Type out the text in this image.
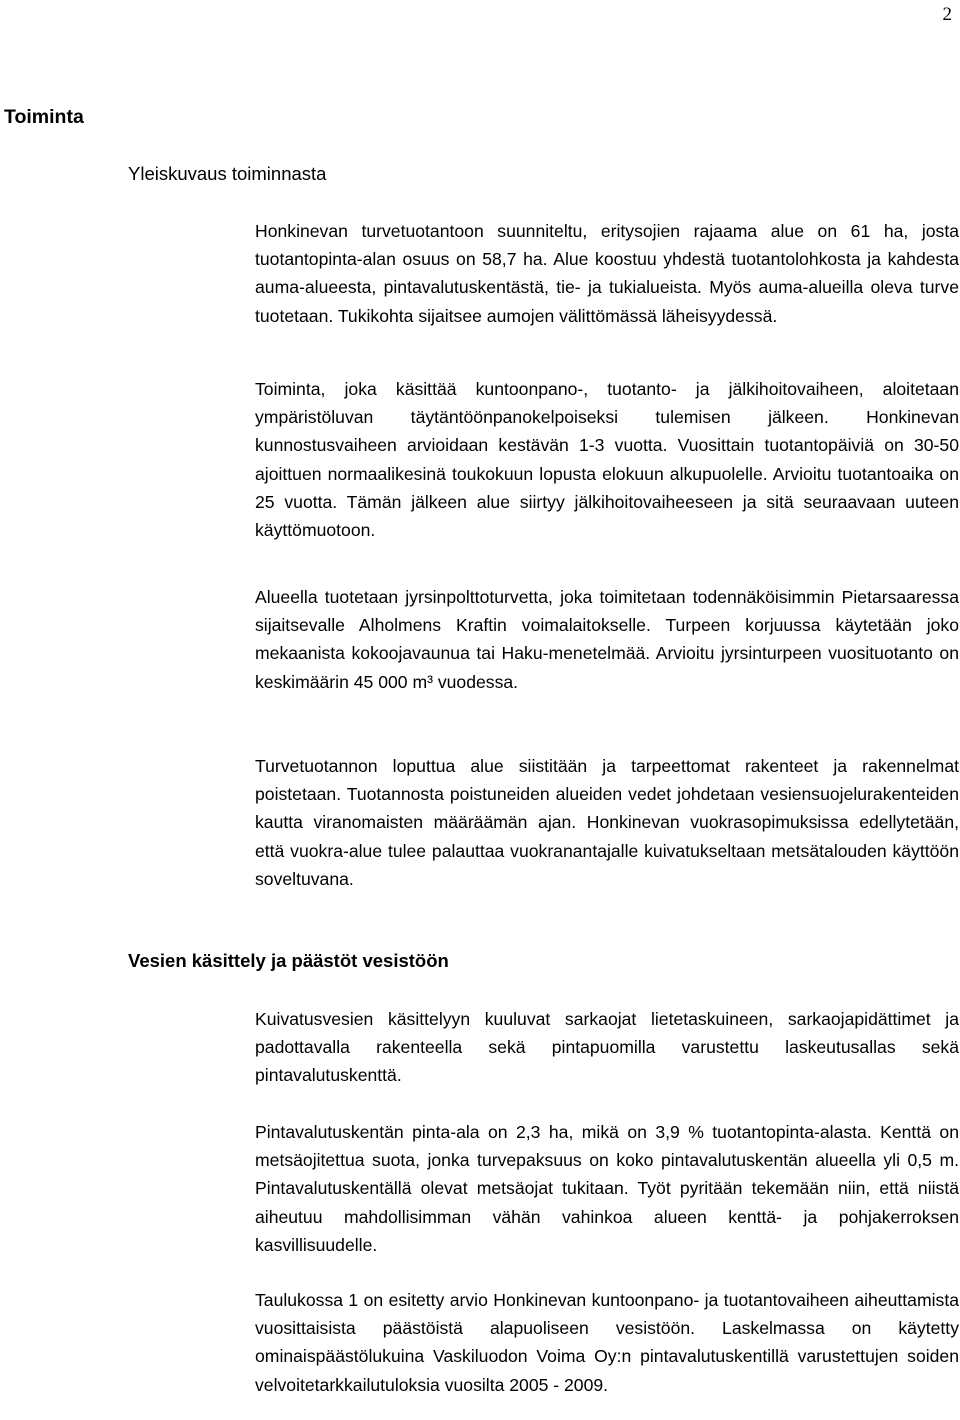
2
Toiminta
Yleiskuvaus toiminnasta

Honkinevan turvetuotantoon suunniteltu, eritysojien rajaama alue on 61 ha, josta tuotantopinta-alan osuus on 58,7 ha. Alue koostuu yhdestä tuotantolohkosta ja kahdesta auma-alueesta, pintavalutuskentästä, tie- ja tukialueista. Myös auma-alueilla oleva turve tuotetaan. Tukikohta sijaitsee aumojen välittömässä läheisyydessä.

Toiminta, joka käsittää kuntoonpano-, tuotanto- ja jälkihoitovaiheen, aloitetaan ympäristöluvan täytäntöönpanokelpoiseksi tulemisen jälkeen. Honkinevan kunnostusvaiheen arvioidaan kestävän 1-3 vuotta. Vuosittain tuotantopäiviä on 30-50 ajoittuen normaalikesinä toukokuun lopusta elokuun alkupuolelle. Arvioitu tuotantoaika on 25 vuotta. Tämän jälkeen alue siirtyy jälkihoitovaiheeseen ja sitä seuraavaan uuteen käyttömuotoon.

Alueella tuotetaan jyrsinpolttoturvetta, joka toimitetaan todennäköisimmin Pietarsaaressa sijaitsevalle Alholmens Kraftin voimalaitokselle. Turpeen korjuussa käytetään joko mekaanista kokoojavaunua tai Haku-menetelmää. Arvioitu jyrsinturpeen vuosituotanto on keskimäärin 45 000 m³ vuodessa.

Turvetuotannon loputtua alue siistitään ja tarpeettomat rakenteet ja rakennelmat poistetaan. Tuotannosta poistuneiden alueiden vedet johdetaan vesiensuojelurakenteiden kautta viranomaisten määräämän ajan. Honkinevan vuokrasopimuksissa edellytetään, että vuokra-alue tulee palauttaa vuokranantajalle kuivatukseltaan metsätalouden käyttöön soveltuvana.

Vesien käsittely ja päästöt vesistöön

Kuivatusvesien käsittelyyn kuuluvat sarkaojat lietetaskuineen, sarkaojapidättimet ja padottavalla rakenteella sekä pintapuomilla varustettu laskeutusallas sekä pintavalutuskenttä.

Pintavalutuskentän pinta-ala on 2,3 ha, mikä on 3,9 % tuotantopinta-alasta. Kenttä on metsäojitettua suota, jonka turvepaksuus on koko pintavalutuskentän alueella yli 0,5 m. Pintavalutuskentällä olevat metsäojat tukitaan. Työt pyritään tekemään niin, että niistä aiheutuu mahdollisimman vähän vahinkoa alueen kenttä- ja pohjakerroksen kasvillisuudelle.

Taulukossa 1 on esitetty arvio Honkinevan kuntoonpano- ja tuotantovaiheen aiheuttamista vuosittaisista päästöistä alapuoliseen vesistöön. Laskelmassa on käytetty ominaispäästölukuina Vaskiluodon Voima Oy:n pintavalutuskentillä varustettujen soiden velvoitetarkkailutuloksia vuosilta 2005 - 2009.
